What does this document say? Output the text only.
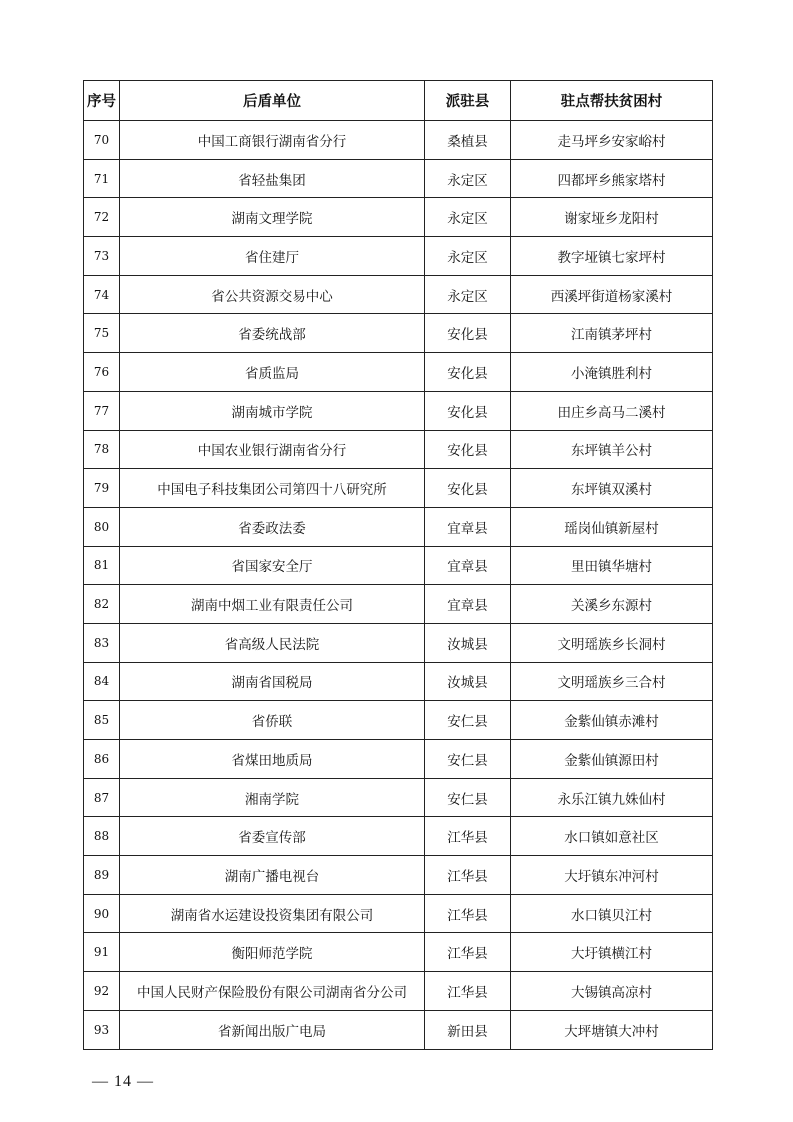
序号	后盾单位	派驻县	驻点帮扶贫困村
70	中国工商银行湖南省分行	桑植县	走马坪乡安家峪村
71	省轻盐集团	永定区	四都坪乡熊家塔村
72	湖南文理学院	永定区	谢家垭乡龙阳村
73	省住建厅	永定区	教字垭镇七家坪村
74	省公共资源交易中心	永定区	西溪坪街道杨家溪村
75	省委统战部	安化县	江南镇茅坪村
76	省质监局	安化县	小淹镇胜利村
77	湖南城市学院	安化县	田庄乡高马二溪村
78	中国农业银行湖南省分行	安化县	东坪镇羊公村
79	中国电子科技集团公司第四十八研究所	安化县	东坪镇双溪村
80	省委政法委	宜章县	瑶岗仙镇新屋村
81	省国家安全厅	宜章县	里田镇华塘村
82	湖南中烟工业有限责任公司	宜章县	关溪乡东源村
83	省高级人民法院	汝城县	文明瑶族乡长洞村
84	湖南省国税局	汝城县	文明瑶族乡三合村
85	省侨联	安仁县	金紫仙镇赤滩村
86	省煤田地质局	安仁县	金紫仙镇源田村
87	湘南学院	安仁县	永乐江镇九姝仙村
88	省委宣传部	江华县	水口镇如意社区
89	湖南广播电视台	江华县	大圩镇东冲河村
90	湖南省水运建设投资集团有限公司	江华县	水口镇贝江村
91	衡阳师范学院	江华县	大圩镇横江村
92	中国人民财产保险股份有限公司湖南省分公司	江华县	大锡镇高凉村
93	省新闻出版广电局	新田县	大坪塘镇大冲村
— 14 —
